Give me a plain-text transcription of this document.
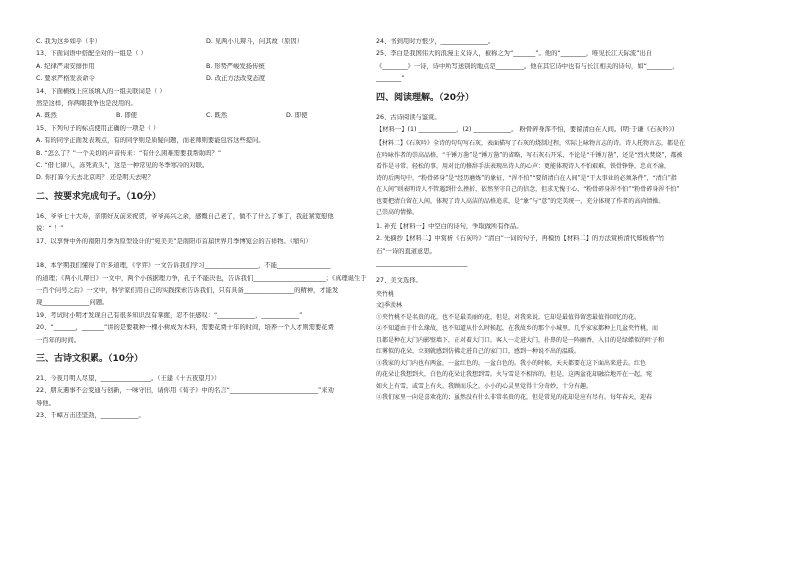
C. 我为这乡如乎（乎）	D. 见两小儿辩斗，问其故（原因）
13、下面词语中搭配全对的一组是（ ）
A. 纪律严肃安排作用	B. 形势严峻发扬传统
C. 要求严格发表命令	D. 改正方法改变态度
14、下面横线上应该填入的一组关联词是（ ）
然是这样，你两眼我争也是没用的。
A. 既然	B. 即使	C. 既然	D. 即使
15、下列句子的标点使用正确的一项是（ ）
A. 有的同学正面发表观点，有的同学则是质疑问题，而老师则要能包容这些提问。
B. “怎么了？”一个关切的声音传来：“有什么困难需要我帮助吗？”
C. “借七律八，冻死黄头”，这是一种常见的冬季寒冷的对联。
D. 你打算今天去北京吗？ 还是明天去呢？
二、按要求完成句子。（10分）
16、爷爷七十大寿，亲朋好友前来祝贺，爷爷高兴之余，感慨自己老了，做不了什么了事了，我赶紧宽慰他
说：“ ！”
17、以享誉中外的南阳月季为原型设计的“宛美美”是南阳市首届世界月季博览会的吉祥物。（缩句）
18、本学期我们懂得了许多道理，《学弈》一文告诉我们学习_________________，不能_________________
的道理；《两小儿辩日》一文中，两个小孩据理力争，孔子不能决也，告诉我们_______________________；《真理诞生于
一百个问号之后》一文中，科学家们用自己的实践探索告诉我们，只有具备________________的精神，才能发
现_______________问题。
19、考试时小明才发现自己有很多知识没有掌握，忍不住感叹：“____________，____________”
20、“_______，_______”讲的是要栽种一棵小树成为木料，需要花费十年的时间，培养一个人才则需要花费
一百年的时间。
三、古诗文积累。（10分）
21、今夜月明人尽望，________________。（王建《十五夜望月》）
22、朋友遇事不会变通与创新，一味守旧，请你用《荀子》中的名言“____________________________”来劝
导他。
23、千嶂万击还坚劲，____________。
24、书到用时方恨少，_______________。
25、李白是我国伟大的浪漫主义诗人，被称之为“_______”。他的“________，唯见长江天际流”出自
《________》一诗，诗中所写送别的地点是_________。他在其它诗中也有与长江相关的诗句，如“________，
________”
四、阅读理解。（20分）
26、古诗阅读与鉴赏。
【材料一】(1) ____________，(2) ____________。 粉骨碎身浑不怕，要留清白在人间。(明·于谦《石灰吟》)
【材料二】《石灰吟》全诗的句句写石灰，表面描写了石灰的烧制过程，实际上咏物言志的诗。诗人托物言志，都是在
在吟咏作者的崇高品格，“千锤万凿”是“锤万凿”的省略，写石灰石开采，不论是“千锤万凿”，还是“烈火焚烧”，都被
看作是寻常、轻松的事，用对比的修辞手法表现出诗人的心声：更能体现诗人不怕艰难，铁骨铮铮，忠贞不渝，
诗的后两句中，“粉骨碎身”是“经历磨炼”的象征，“浑不怕”“要留清白在人间”是“干大事业的必须条件”，“清白”指
在人间”则表明诗人不管遇到什么挫折，依然坚守自己的信念，但求无愧于心，“粉骨碎身浑不怕”“粉骨碎身浑不怕”
也要把清白留在人间，体现了诗人高洁的品格追求，是“象”与“意”的完美统一，充分体现了作者的高尚情操。
己崇高的情操。
1. 补充【材料一】中空白的诗句，争取做所有作品。
2. 先摘抄【材料二】中赏析《石灰吟》“清白”一词的句子，再模仿【材料二】的方法赏析清代郑板桥“竹
石”一诗的直道意思。
_____________________________
27、美文选择。
夹竹桃
文|季羡林
①夹竹桃不是名贵的花，也不是最美丽的花，但是，对我来说，它却是最值得留恋最值得回忆的花。
②不知道由于什么缘故，也不知道从什么时候起，在我故乡的那个小城里，几乎家家都种上几盆夹竹桃，而
且都是种在大门内影壁墙下，正对着大门口。客人一走进大门，扑鼻的是一阵幽香，入目的是绿蜡似的叶子和
红雾似的花朵，立刻就感到仿佛走进自己的家门口，感到一种说不出的温暖。
③我家的大门内也有两盆，一盆红色的，一盆白色的。我小的时候，天天都要在这下面出来进去。红色
的花朵让我想到火，白色的花朵让我想到雪。火与雪是不相容的，但是，这两盆花却融洽地开在一起，宛
如火上有雪，或雪上有火。我顾而乐之，小小的心灵里觉得十分奇妙，十分有趣。
④我们家里一向是喜欢花的；虽然没有什么非常名贵的花，但是常见的花却是应有尽有。每年春天，迎春
